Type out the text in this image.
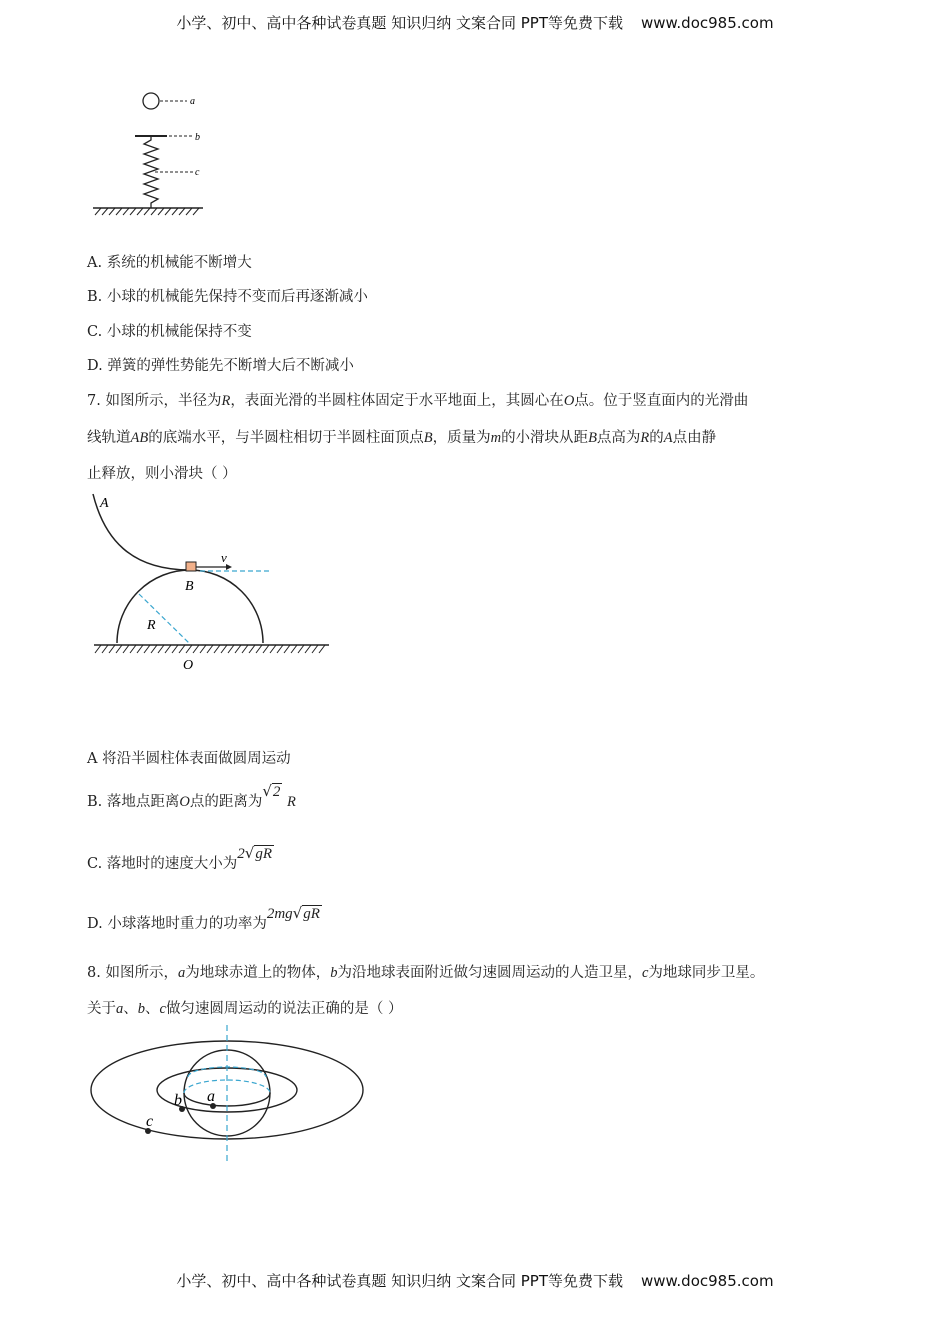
小学、初中、高中各种试卷真题 知识归纳 文案合同 PPT等免费下载 www.doc985.com
a
b
c
A. 系统的机械能不断增大
B. 小球的机械能先保持不变而后再逐渐减小
C. 小球的机械能保持不变
D. 弹簧的弹性势能先不断增大后不断减小
7. 如图所示，半径为R，表面光滑的半圆柱体固定于水平地面上，其圆心在O点。位于竖直面内的光滑曲
线轨道AB的底端水平，与半圆柱相切于半圆柱面顶点B，质量为m的小滑块从距B点高为R的A点由静
止释放，则小滑块（ ）
A
v
B
R
O
A 将沿半圆柱体表面做圆周运动
B. 落地点距离O点的距离为√2 R
C. 落地时的速度大小为2√gR
D. 小球落地时重力的功率为2mg√gR
8. 如图所示，a为地球赤道上的物体，b为沿地球表面附近做匀速圆周运动的人造卫星，c为地球同步卫星。
关于a、b、c做匀速圆周运动的说法正确的是（ ）
a
b
c
小学、初中、高中各种试卷真题 知识归纳 文案合同 PPT等免费下载 www.doc985.com
